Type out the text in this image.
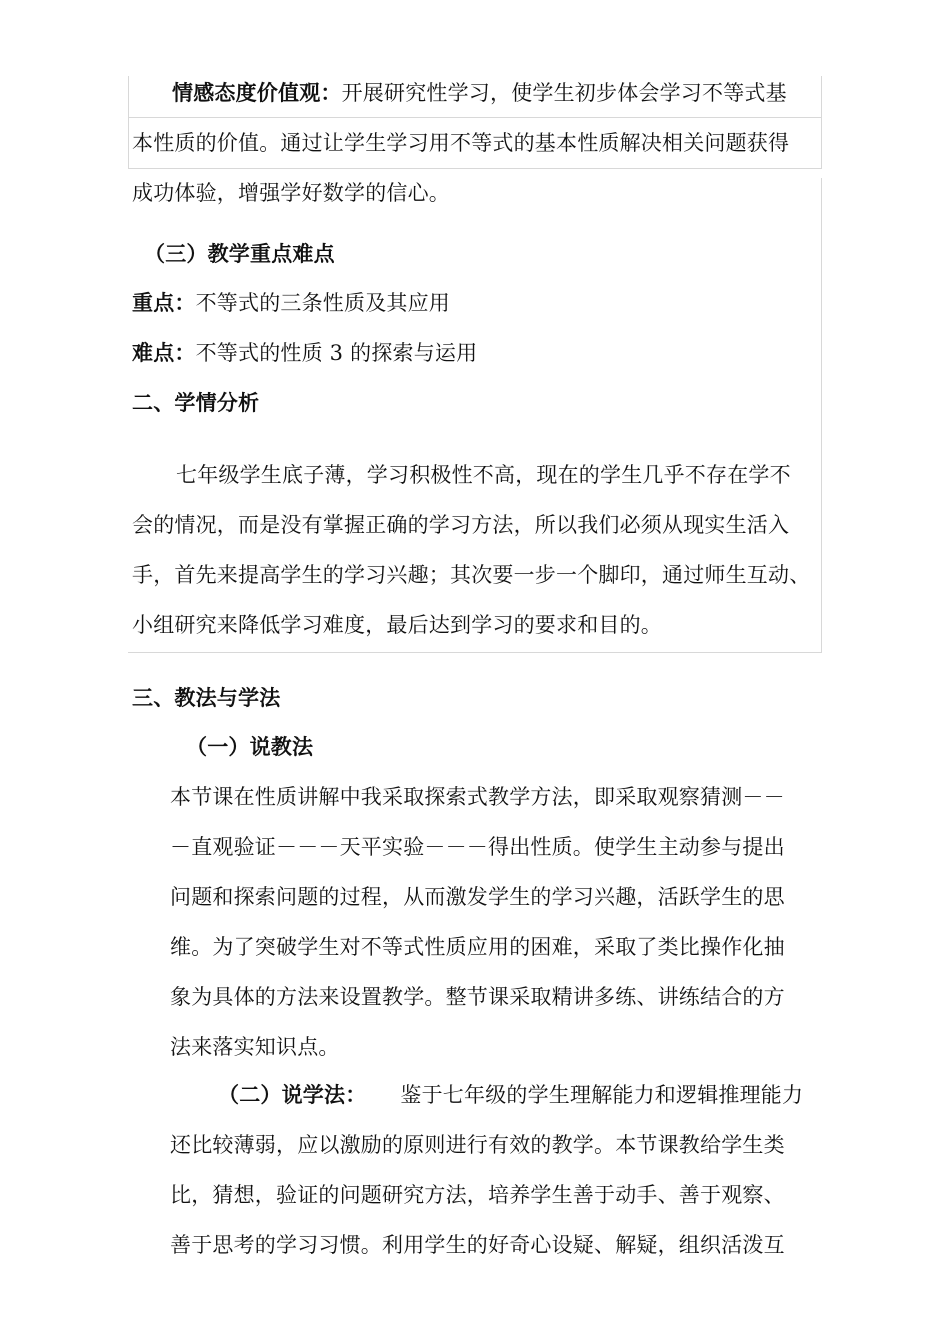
情感态度价值观：开展研究性学习，使学生初步体会学习不等式基
本性质的价值。通过让学生学习用不等式的基本性质解决相关问题获得
成功体验，增强学好数学的信心。
（三）教学重点难点
重点：不等式的三条性质及其应用
难点：不等式的性质 3 的探索与运用
二、学情分析
七年级学生底子薄，学习积极性不高，现在的学生几乎不存在学不
会的情况，而是没有掌握正确的学习方法，所以我们必须从现实生活入
手，首先来提高学生的学习兴趣；其次要一步一个脚印，通过师生互动、
小组研究来降低学习难度，最后达到学习的要求和目的。
三、教法与学法
（一）说教法
本节课在性质讲解中我采取探索式教学方法，即采取观察猜测－－
－直观验证－－－天平实验－－－得出性质。使学生主动参与提出
问题和探索问题的过程，从而激发学生的学习兴趣，活跃学生的思
维。为了突破学生对不等式性质应用的困难，采取了类比操作化抽
象为具体的方法来设置教学。整节课采取精讲多练、讲练结合的方
法来落实知识点。
（二）说学法： 鉴于七年级的学生理解能力和逻辑推理能力
还比较薄弱，应以激励的原则进行有效的教学。本节课教给学生类
比，猜想，验证的问题研究方法，培养学生善于动手、善于观察、
善于思考的学习习惯。利用学生的好奇心设疑、解疑，组织活泼互
